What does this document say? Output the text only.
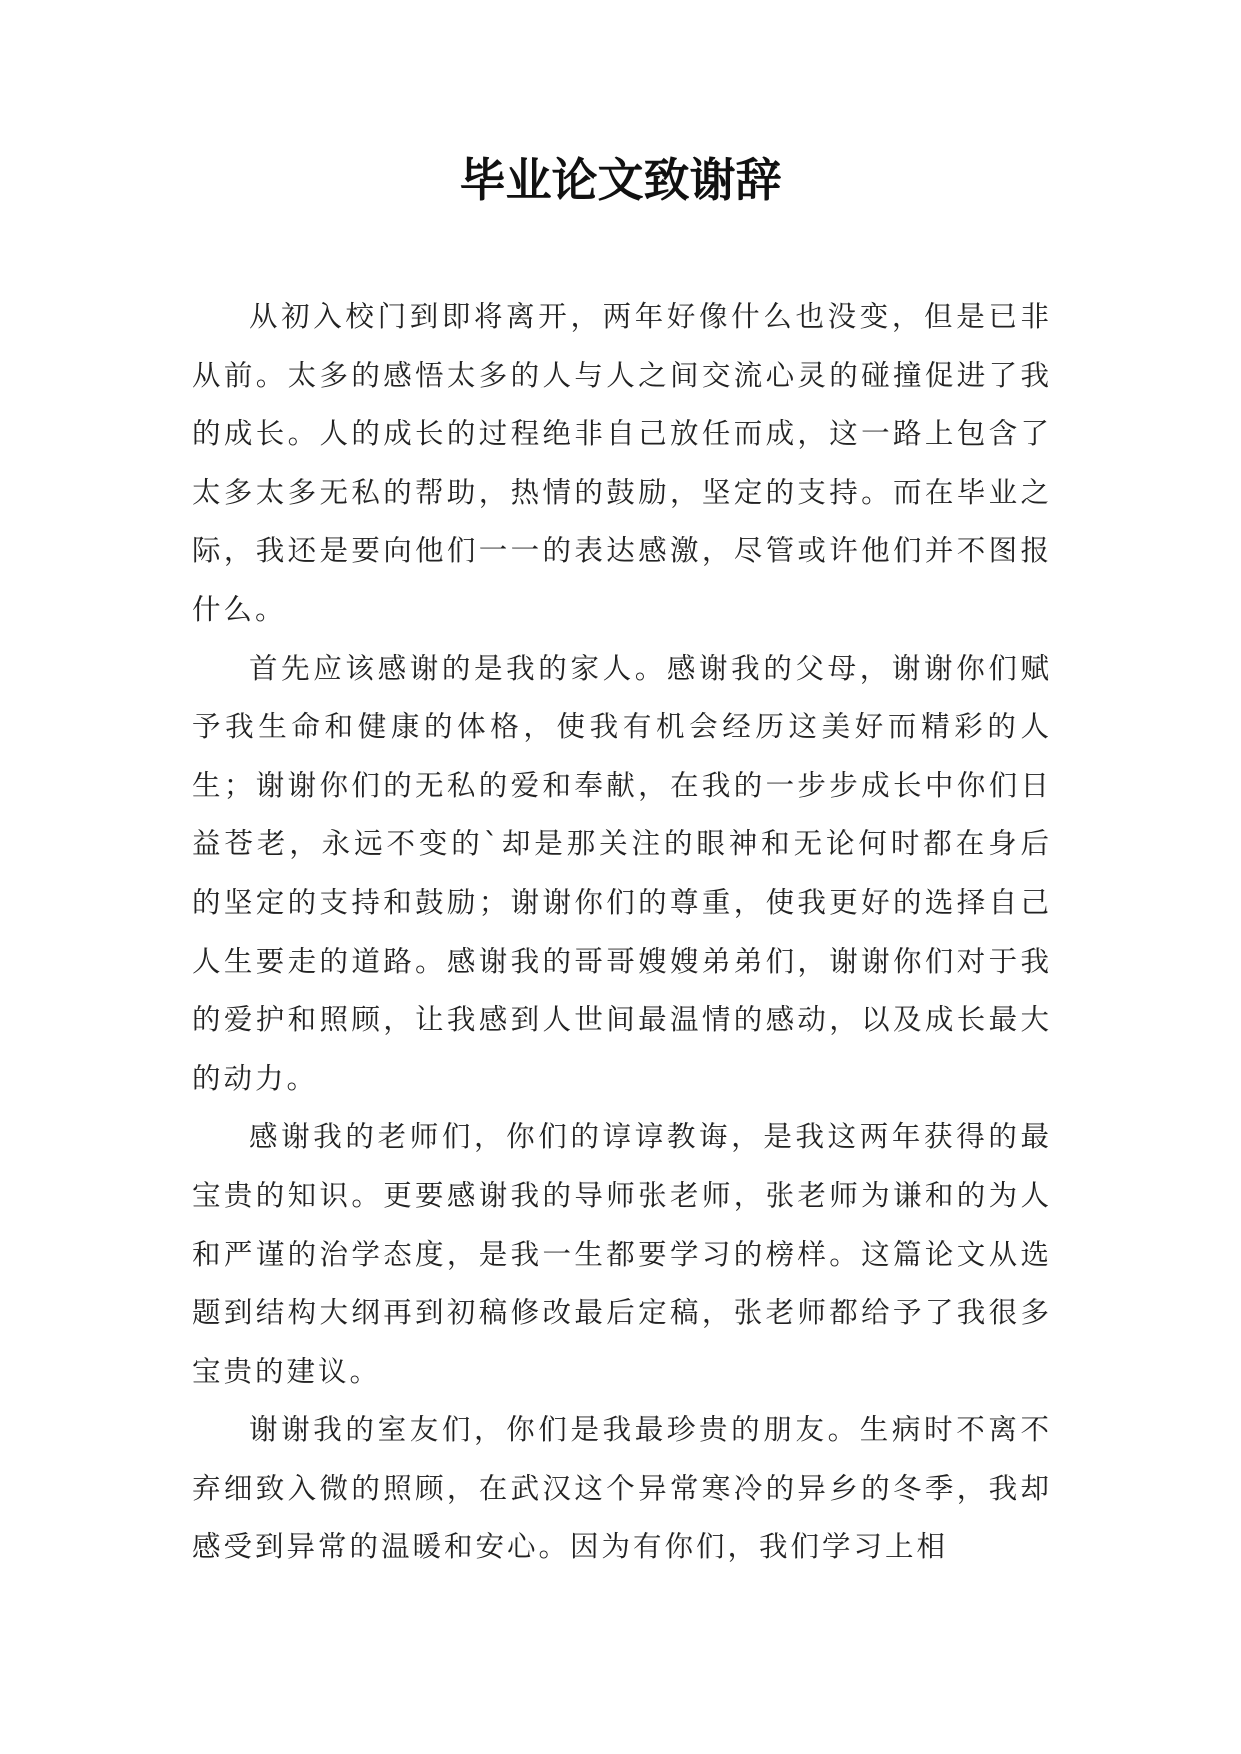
毕业论文致谢辞

从初入校门到即将离开，两年好像什么也没变，但是已非从前。太多的感悟太多的人与人之间交流心灵的碰撞促进了我的成长。人的成长的过程绝非自己放任而成，这一路上包含了太多太多无私的帮助，热情的鼓励，坚定的支持。而在毕业之际，我还是要向他们一一的表达感激，尽管或许他们并不图报什么。

首先应该感谢的是我的家人。感谢我的父母，谢谢你们赋予我生命和健康的体格，使我有机会经历这美好而精彩的人生；谢谢你们的无私的爱和奉献，在我的一步步成长中你们日益苍老，永远不变的`却是那关注的眼神和无论何时都在身后的坚定的支持和鼓励；谢谢你们的尊重，使我更好的选择自己人生要走的道路。感谢我的哥哥嫂嫂弟弟们，谢谢你们对于我的爱护和照顾，让我感到人世间最温情的感动，以及成长最大的动力。

感谢我的老师们，你们的谆谆教诲，是我这两年获得的最宝贵的知识。更要感谢我的导师张老师，张老师为谦和的为人和严谨的治学态度，是我一生都要学习的榜样。这篇论文从选题到结构大纲再到初稿修改最后定稿，张老师都给予了我很多宝贵的建议。

谢谢我的室友们，你们是我最珍贵的朋友。生病时不离不弃细致入微的照顾，在武汉这个异常寒冷的异乡的冬季，我却感受到异常的温暖和安心。因为有你们，我们学习上相
